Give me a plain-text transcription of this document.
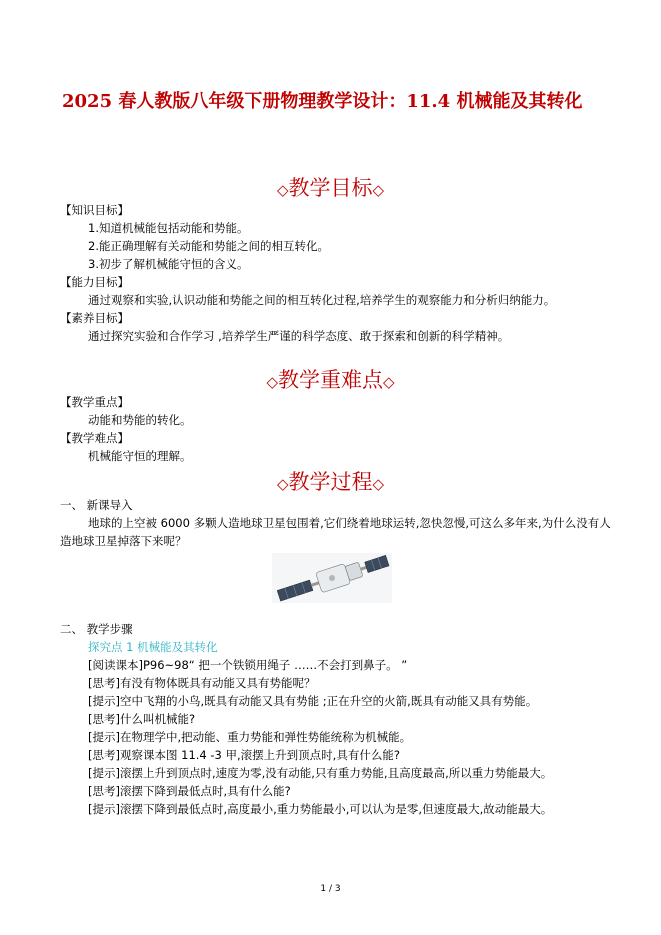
2025 春人教版八年级下册物理教学设计：11.4 机械能及其转化
◇教学目标◇
【知识目标】
1.知道机械能包括动能和势能。
2.能正确理解有关动能和势能之间的相互转化。
3.初步了解机械能守恒的含义。
【能力目标】
通过观察和实验,认识动能和势能之间的相互转化过程,培养学生的观察能力和分析归纳能力。
【素养目标】
通过探究实验和合作学习 ,培养学生严谨的科学态度、敢于探索和创新的科学精神。
◇教学重难点◇
【教学重点】
动能和势能的转化。
【教学难点】
机械能守恒的理解。
◇教学过程◇
一、 新课导入
地球的上空被 6000 多颗人造地球卫星包围着,它们绕着地球运转,忽快忽慢,可这么多年来,为什么没有人造地球卫星掉落下来呢？
二、 教学步骤
探究点 1 机械能及其转化
[阅读课本]P96~98“ 把一个铁锁用绳子 ……不会打到鼻子。 ”
[思考]有没有物体既具有动能又具有势能呢？
[提示]空中飞翔的小鸟,既具有动能又具有势能 ;正在升空的火箭,既具有动能又具有势能。
[思考]什么叫机械能?
[提示]在物理学中,把动能、重力势能和弹性势能统称为机械能。
[思考]观察课本图 11.4 -3 甲,滚摆上升到顶点时,具有什么能?
[提示]滚摆上升到顶点时,速度为零,没有动能,只有重力势能,且高度最高,所以重力势能最大。
[思考]滚摆下降到最低点时,具有什么能?
[提示]滚摆下降到最低点时,高度最小,重力势能最小,可以认为是零,但速度最大,故动能最大。
1 / 3
